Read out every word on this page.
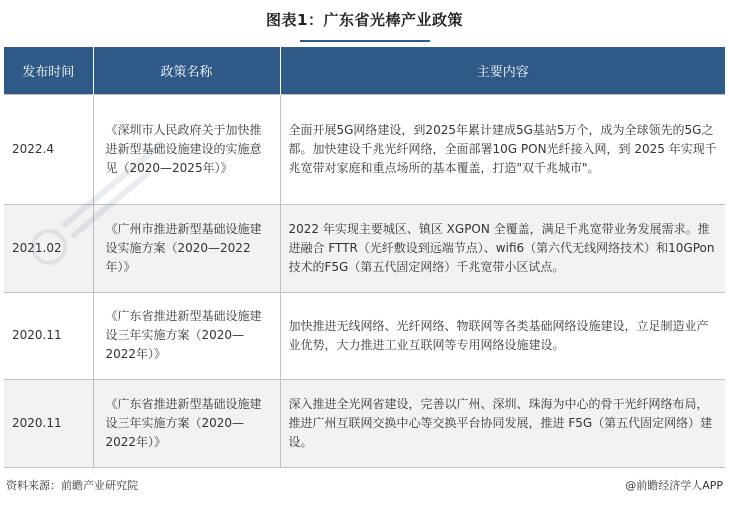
图表1：广东省光棒产业政策
发布时间	政策名称	主要内容
2022.4	《深圳市人民政府关于加快推进新型基础设施建设的实施意见（2020—2025年）》	全面开展5G网络建设，到2025年累计建成5G基站5万个，成为全球领先的5G之都。加快建设千兆光纤网络，全面部署10G PON光纤接入网，到 2025 年实现千兆宽带对家庭和重点场所的基本覆盖，打造"双千兆城市"。
2021.02	《广州市推进新型基础设施建设实施方案（2020—2022年）》	2022 年实现主要城区、镇区 XGPON 全覆盖，满足千兆宽带业务发展需求。推进融合 FTTR（光纤敷设到远端节点）、wifi6（第六代无线网络技术）和10GPon技术的F5G（第五代固定网络）千兆宽带小区试点。
2020.11	《广东省推进新型基础设施建设三年实施方案（2020—2022年）》	加快推进无线网络、光纤网络、物联网等各类基础网络设施建设，立足制造业产业优势，大力推进工业互联网等专用网络设施建设。
2020.11	《广东省推进新型基础设施建设三年实施方案（2020—2022年）》	深入推进全光网省建设，完善以广州、深圳、珠海为中心的骨干光纤网络布局，推进广州互联网交换中心等交换平台协同发展，推进 F5G（第五代固定网络）建设。
资料来源：前瞻产业研究院	@前瞻经济学人APP
